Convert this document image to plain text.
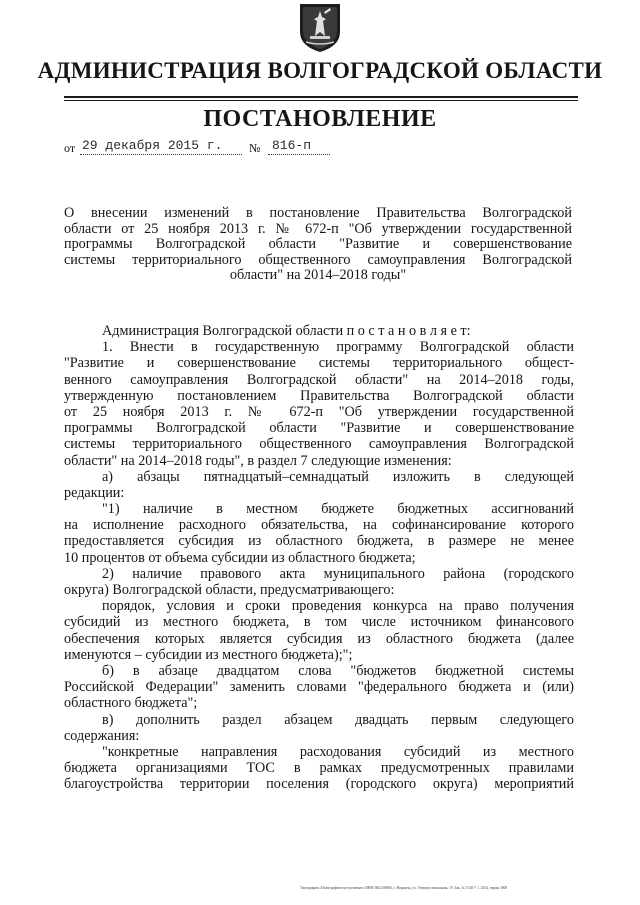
АДМИНИСТРАЦИЯ ВОЛГОГРАДСКОЙ ОБЛАСТИ
ПОСТАНОВЛЕНИЕ
от 29 декабря 2015 г. № 816-п
О внесении изменений в постановление Правительства Волгоградской
области от 25 ноября 2013 г. № 672-п "Об утверждении государственной
программы Волгоградской области "Развитие и совершенствование
системы территориального общественного самоуправления Волгоградской
области" на 2014–2018 годы"
Администрация Волгоградской области п о с т а н о в л я е т:
1. Внести в государственную программу Волгоградской области
"Развитие и совершенствование системы территориального общест-
венного самоуправления Волгоградской области" на 2014–2018 годы,
утвержденную постановлением Правительства Волгоградской области
от 25 ноября 2013 г. № 672-п "Об утверждении государственной
программы Волгоградской области "Развитие и совершенствование
системы территориального общественного самоуправления Волгоградской
области" на 2014–2018 годы", в раздел 7 следующие изменения:
а) абзацы пятнадцатый–семнадцатый изложить в следующей
редакции:
"1) наличие в местном бюджете бюджетных ассигнований
на исполнение расходного обязательства, на софинансирование которого
предоставляется субсидия из областного бюджета, в размере не менее
10 процентов от объема субсидии из областного бюджета;
2) наличие правового акта муниципального района (городского
округа) Волгоградской области, предусматривающего:
порядок, условия и сроки проведения конкурса на право получения
субсидий из местного бюджета, в том числе источником финансового
обеспечения которых является субсидия из областного бюджета (далее
именуются – субсидии из местного бюджета);";
б) в абзаце двадцатом слова "бюджетов бюджетной системы
Российской Федерации" заменить словами "федерального бюджета и (или)
областного бюджета";
в) дополнить раздел абзацем двадцать первым следующего
содержания:
"конкретные направления расходования субсидий из местного
бюджета организациями ТОС в рамках предусмотренных правилами
благоустройства территории поселения (городского округа) мероприятий
Типография «Полиграфическое решение» ИНН 3662106966, г. Воронеж, ул. Электросигнальная, 19. Зак. № Т326-7 1. 2014, тираж 3000
